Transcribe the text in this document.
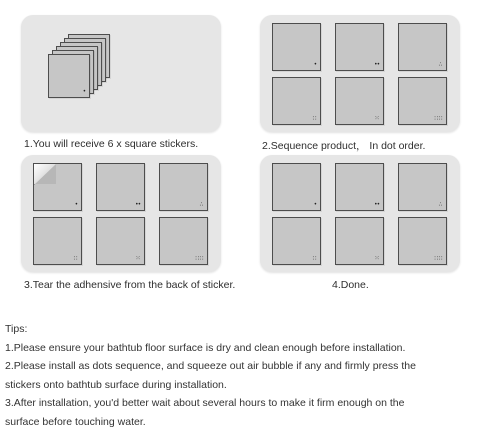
•
1.You will receive 6 x square stickers.
•	••	∴
∷	⁙	∷∷
2.Sequence product， In dot order.
•	••	∴
∷	⁙	∷∷
3.Tear the adhensive from the back of sticker.
•	••	∴
∷	⁙	∷∷
4.Done.

Tips:

1.Please ensure your bathtub floor surface is dry and clean enough before installation.

2.Please install as dots sequence, and squeeze out air bubble if any and firmly press the

stickers onto bathtub surface during installation.

3.After installation, you'd better wait about several hours to make it firm enough on the

surface before touching water.
